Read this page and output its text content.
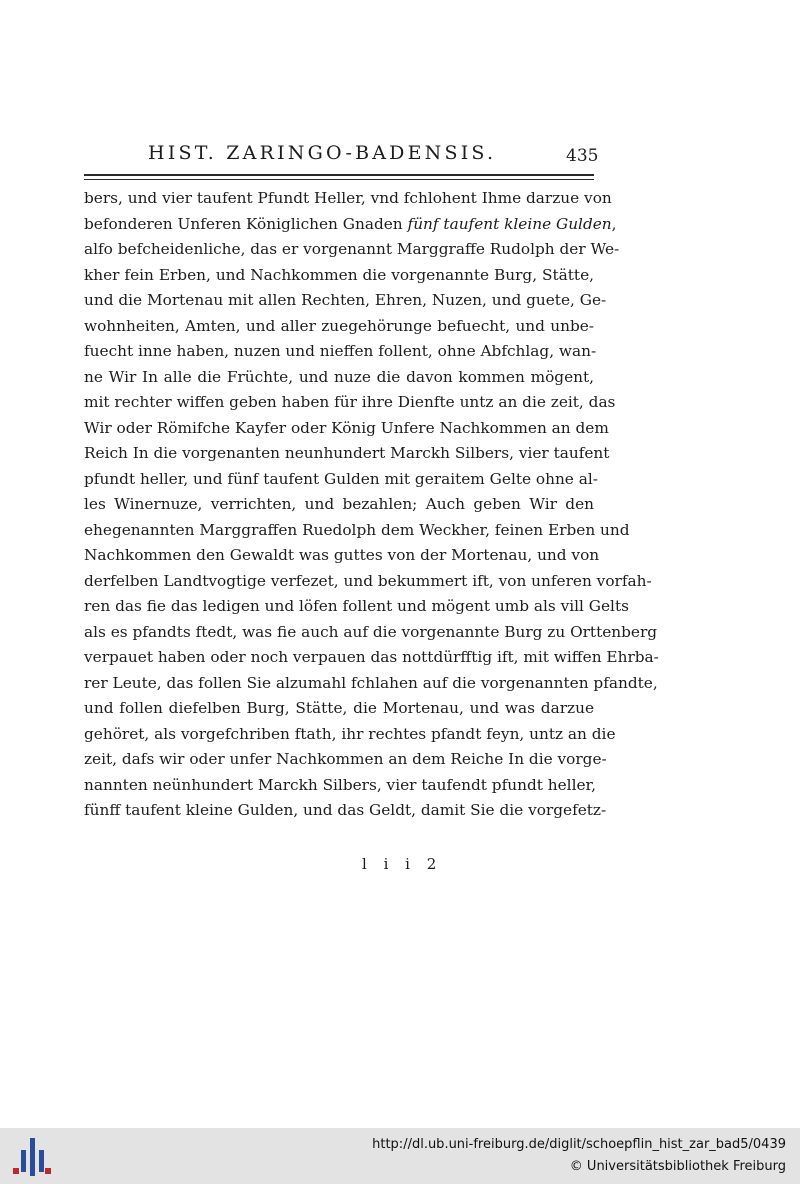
HIST. ZARINGO-BADENSIS.	435
bers, und vier taufent Pfundt Heller, vnd fchlohent Ihme darzue von
befonderen Unferen Königlichen Gnaden fünf taufent kleine Gulden,
alfo befcheidenliche, das er vorgenannt Marggraffe Rudolph der We-
kher fein Erben, und Nachkommen die vorgenannte Burg, Stätte,
und die Mortenau mit allen Rechten, Ehren, Nuzen, und guete, Ge-
wohnheiten, Amten, und aller zuegehörunge befuecht, und unbe-
fuecht inne haben, nuzen und nieffen follent, ohne Abfchlag, wan-
ne Wir In alle die Früchte, und nuze die davon kommen mögent,
mit rechter wiffen geben haben für ihre Dienfte untz an die zeit, das
Wir oder Römifche Kayfer oder König Unfere Nachkommen an dem
Reich In die vorgenanten neunhundert Marckh Silbers, vier taufent
pfundt heller, und fünf taufent Gulden mit geraitem Gelte ohne al-
les Winernuze, verrichten, und bezahlen; Auch geben Wir den
ehegenannten Marggraffen Ruedolph dem Weckher, feinen Erben und
Nachkommen den Gewaldt was guttes von der Mortenau, und von
derfelben Landtvogtige verfezet, und bekummert ift, von unferen vorfah-
ren das fie das ledigen und löfen follent und mögent umb als vill Gelts
als es pfandts ftedt, was fie auch auf die vorgenannte Burg zu Orttenberg
verpauet haben oder noch verpauen das nottdürfftig ift, mit wiffen Ehrba-
rer Leute, das follen Sie alzumahl fchlahen auf die vorgenannten pfandte,
und follen diefelben Burg, Stätte, die Mortenau, und was darzue
gehöret, als vorgefchriben ftath, ihr rechtes pfandt feyn, untz an die
zeit, dafs wir oder unfer Nachkommen an dem Reiche In die vorge-
nannten neünhundert Marckh Silbers, vier taufendt pfundt heller,
fünff taufent kleine Gulden, und das Geldt, damit Sie die vorgefetz-
l i i 2
http://dl.ub.uni-freiburg.de/diglit/schoepflin_hist_zar_bad5/0439
© Universitätsbibliothek Freiburg
